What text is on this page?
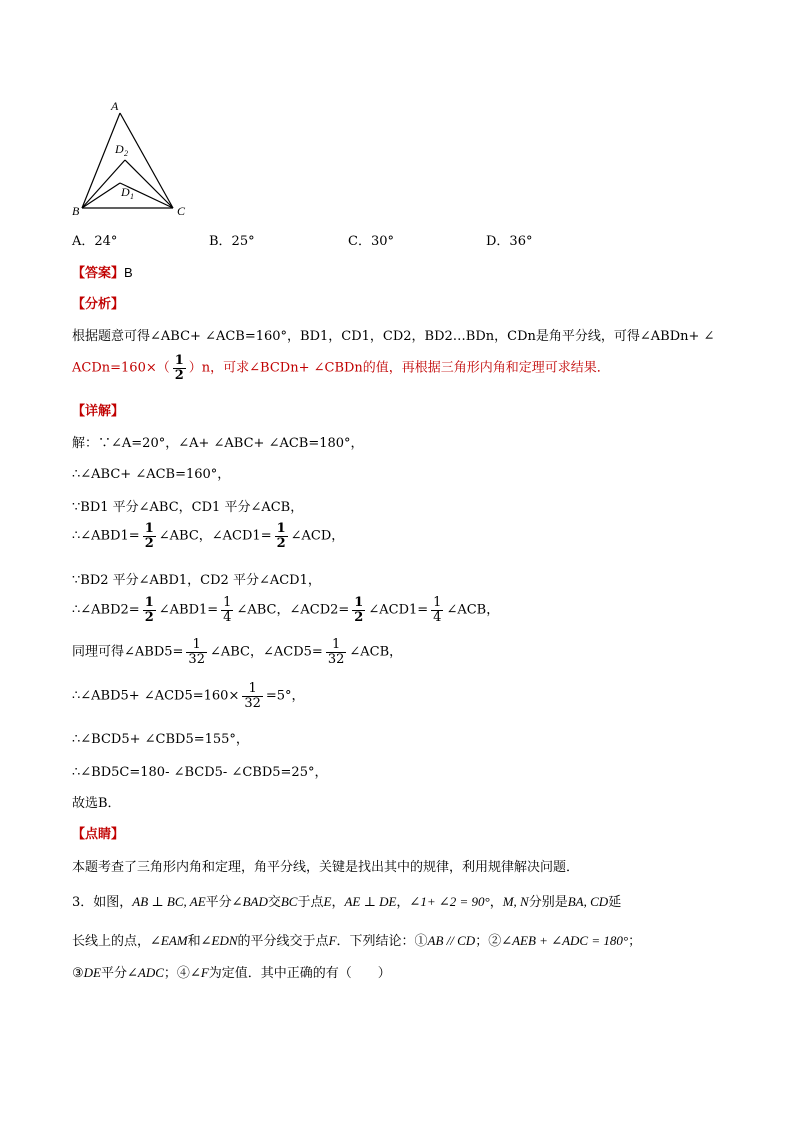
A
B	C
D 2
D 1
A．24°	B．25°	C．30°	D．36°
【答案】B
【分析】
根据题意可得∠ABC+ ∠ACB=160°，BD1，CD1，CD2，BD2…BDn，CDn是角平分线，可得∠ABDn+ ∠
ACDn=160×（ $\frac{1}{2} )n$，可求∠BCDn+ ∠CBDn的值，再根据三角形内角和定理可求结果．
【详解】
解：∵∠A=20°，∠A+ ∠ABC+ ∠ACB=180°，
∴∠ABC+ ∠ACB=160°，
∵BD1 平分∠ABC，CD1 平分∠ACB，
∴∠ABD1= $\frac{1}{2}$ ∠ABC，∠ACD1= $\frac{1}{2}$ ∠ACD，
∵BD2 平分∠ABD1，CD2 平分∠ACD1，
∴∠ABD2= $\frac{1}{2}$ ∠ABD1= $\frac{1}{4}$ ∠ABC，∠ACD2= $\frac{1}{2}$ ∠ACD1= $\frac{1}{4}$ ∠ACB，
同理可得∠ABD5= $\frac{1}{32}$ ∠ABC，∠ACD5= $\frac{1}{32}$ ∠ACB，
∴∠ABD5+ ∠ACD5=160× $\frac{1}{32} =5^\circ$，
∴∠BCD5+ ∠CBD5=155°，
∴∠BD5C=180- ∠BCD5- ∠CBD5=25°，
故选B．
【点睛】
本题考查了三角形内角和定理，角平分线，关键是找出其中的规律，利用规律解决问题．
3．如图，AB ⊥ BC, AE平分∠BAD交BC于点E，AE ⊥ DE，∠1+ ∠2 = 90°，M, N分别是BA, CD延
长线上的点，∠EAM和∠EDN的平分线交于点F．下列结论：①AB // CD；②∠AEB + ∠ADC = 180°；
③DE平分∠ADC；④∠F为定值．其中正确的有（　　）
